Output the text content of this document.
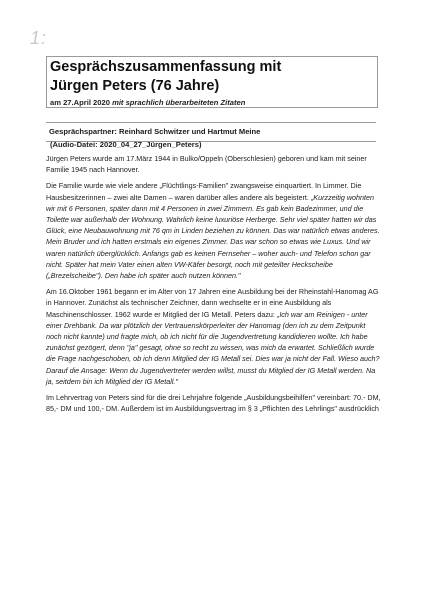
1:
Gesprächszusammenfassung mit
Jürgen Peters (76 Jahre)
am 27.April 2020 mit sprachlich überarbeiteten Zitaten
Gesprächspartner: Reinhard Schwitzer und Hartmut Meine
(Audio-Datei: 2020_04_27_Jürgen_Peters)

Jürgen Peters wurde am 17.März 1944 in Bulko/Oppeln (Oberschlesien) geboren und kam mit seiner Familie 1945 nach Hannover.

Die Familie wurde wie viele andere „Flüchtlings-Familien" zwangsweise einquartiert. In Limmer. Die Hausbesitzerinnen – zwei alte Damen – waren darüber alles andere als begeistert. „Kurzzeitig wohnten wir mit 6 Personen, später dann mit 4 Personen in zwei Zimmern. Es gab kein Badezimmer, und die Toilette war außerhalb der Wohnung. Wahrlich keine luxuriöse Herberge. Sehr viel später hatten wir das Glück, eine Neubauwohnung mit 76 qm in Linden beziehen zu können. Das war natürlich etwas anderes. Mein Bruder und ich hatten erstmals ein eigenes Zimmer. Das war schon so etwas wie Luxus. Und wir waren natürlich überglücklich. Anfangs gab es keinen Fernseher – woher auch- und Telefon schon gar nicht. Später hat mein Vater einen alten VW-Käfer besorgt, noch mit geteilter Heckscheibe („Brezelscheibe"). Den habe ich später auch nutzen können."

Am 16.Oktober 1961 begann er im Alter von 17 Jahren eine Ausbildung bei der Rheinstahl-Hanomag AG in Hannover. Zunächst als technischer Zeichner, dann wechselte er in eine Ausbildung als Maschinenschlosser. 1962 wurde er Mitglied der IG Metall. Peters dazu: „Ich war am Reinigen - unter einer Drehbank. Da war plötzlich der Vertrauenskörperleiter der Hanomag (den ich zu dem Zeitpunkt noch nicht kannte) und fragte mich, ob ich nicht für die Jugendvertretung kandidieren wollte. Ich habe zunächst gezögert, denn "ja" gesagt, ohne so recht zu wissen, was mich da erwartet. Schließlich wurde die Frage nachgeschoben, ob ich denn Mitglied der IG Metall sei. Dies war ja nicht der Fall. Wieso auch? Darauf die Ansage: Wenn du Jugendvertreter werden willst, musst du Mitglied der IG Metall werden. Na ja, seitdem bin ich Mitglied der IG Metall."

Im Lehrvertrag von Peters sind für die drei Lehrjahre folgende „Ausbildungsbeihilfen" vereinbart: 70.- DM, 85,- DM und 100,- DM. Außerdem ist im Ausbildungsvertrag im § 3 „Pflichten des Lehrlings" ausdrücklich
